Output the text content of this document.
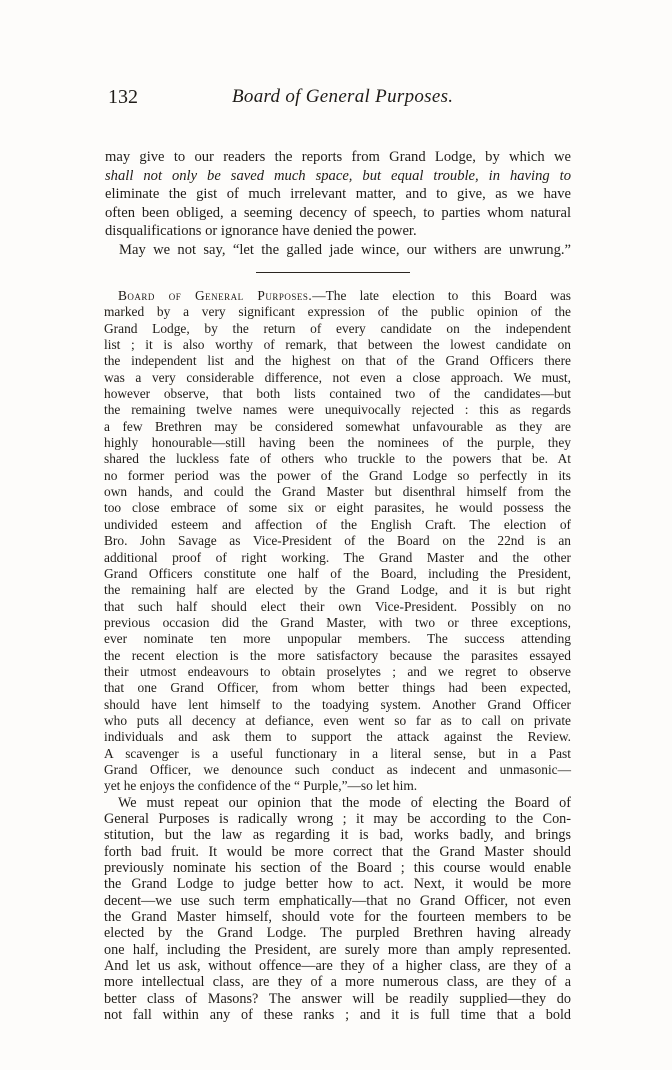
132	Board of General Purposes.
may give to our readers the reports from Grand Lodge, by which we
shall not only be saved much space, but equal trouble, in having to
eliminate the gist of much irrelevant matter, and to give, as we have
often been obliged, a seeming decency of speech, to parties whom natural
disqualifications or ignorance have denied the power.
May we not say, “let the galled jade wince, our withers are unwrung.”
Board of General Purposes.—The late election to this Board was
marked by a very significant expression of the public opinion of the
Grand Lodge, by the return of every candidate on the independent
list ; it is also worthy of remark, that between the lowest candidate on
the independent list and the highest on that of the Grand Officers there
was a very considerable difference, not even a close approach. We must,
however observe, that both lists contained two of the candidates—but
the remaining twelve names were unequivocally rejected : this as regards
a few Brethren may be considered somewhat unfavourable as they are
highly honourable—still having been the nominees of the purple, they
shared the luckless fate of others who truckle to the powers that be. At
no former period was the power of the Grand Lodge so perfectly in its
own hands, and could the Grand Master but disenthral himself from the
too close embrace of some six or eight parasites, he would possess the
undivided esteem and affection of the English Craft. The election of
Bro. John Savage as Vice-President of the Board on the 22nd is an
additional proof of right working. The Grand Master and the other
Grand Officers constitute one half of the Board, including the President,
the remaining half are elected by the Grand Lodge, and it is but right
that such half should elect their own Vice-President. Possibly on no
previous occasion did the Grand Master, with two or three exceptions,
ever nominate ten more unpopular members. The success attending
the recent election is the more satisfactory because the parasites essayed
their utmost endeavours to obtain proselytes ; and we regret to observe
that one Grand Officer, from whom better things had been expected,
should have lent himself to the toadying system. Another Grand Officer
who puts all decency at defiance, even went so far as to call on private
individuals and ask them to support the attack against the Review.
A scavenger is a useful functionary in a literal sense, but in a Past
Grand Officer, we denounce such conduct as indecent and unmasonic—
yet he enjoys the confidence of the “ Purple,”—so let him.
We must repeat our opinion that the mode of electing the Board of
General Purposes is radically wrong ; it may be according to the Con-
stitution, but the law as regarding it is bad, works badly, and brings
forth bad fruit. It would be more correct that the Grand Master should
previously nominate his section of the Board ; this course would enable
the Grand Lodge to judge better how to act. Next, it would be more
decent—we use such term emphatically—that no Grand Officer, not even
the Grand Master himself, should vote for the fourteen members to be
elected by the Grand Lodge. The purpled Brethren having already
one half, including the President, are surely more than amply represented.
And let us ask, without offence—are they of a higher class, are they of a
more intellectual class, are they of a more numerous class, are they of a
better class of Masons? The answer will be readily supplied—they do
not fall within any of these ranks ; and it is full time that a bold
